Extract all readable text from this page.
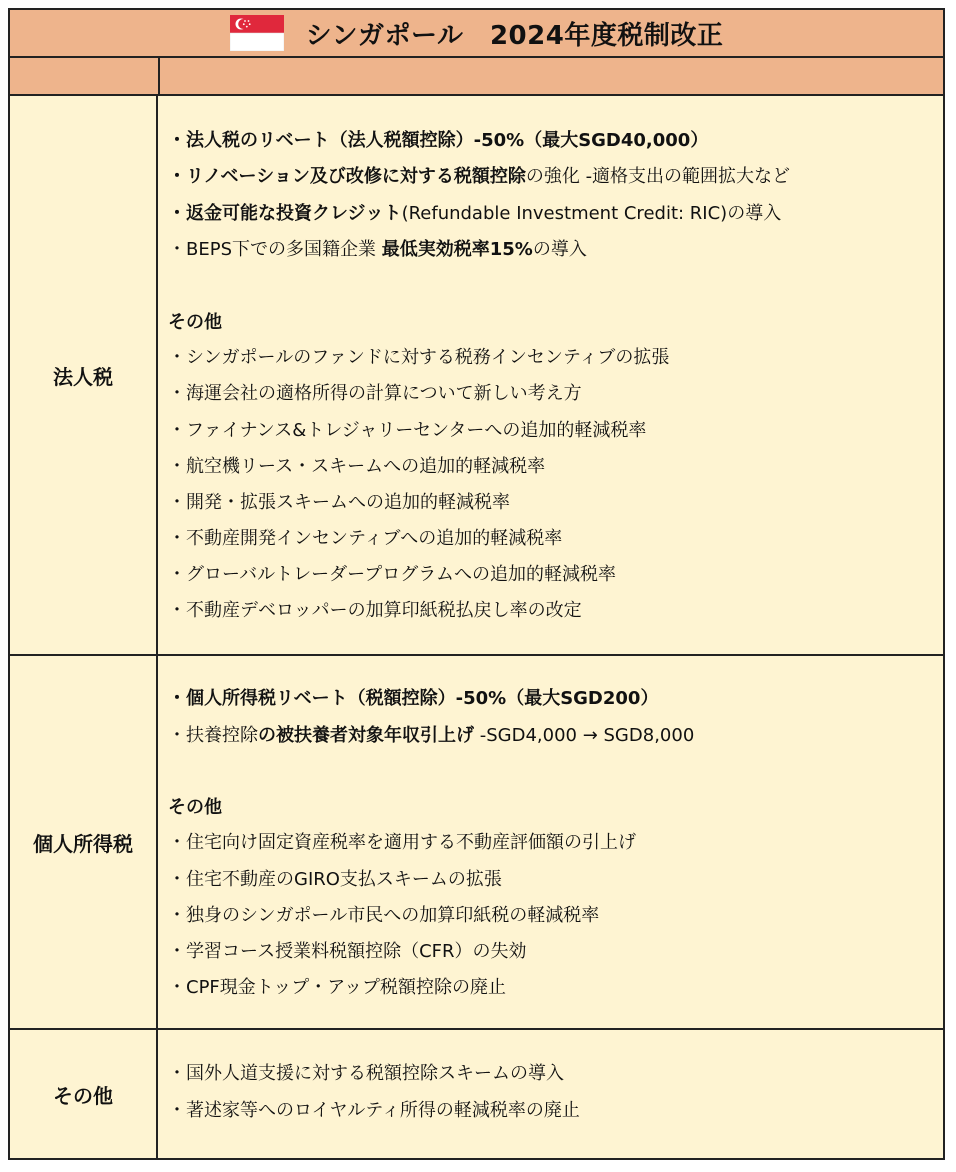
シンガポール　2024年度税制改正
法人税
・法人税のリベート（法人税額控除）-50%（最大SGD40,000）
・リノベーション及び改修に対する税額控除の強化 -適格支出の範囲拡大など
・返金可能な投資クレジット(Refundable Investment Credit: RIC)の導入
・BEPS下での多国籍企業 最低実効税率15%の導入
その他
・シンガポールのファンドに対する税務インセンティブの拡張
・海運会社の適格所得の計算について新しい考え方
・ファイナンス&トレジャリーセンターへの追加的軽減税率
・航空機リース・スキームへの追加的軽減税率
・開発・拡張スキームへの追加的軽減税率
・不動産開発インセンティブへの追加的軽減税率
・グローバルトレーダープログラムへの追加的軽減税率
・不動産デベロッパーの加算印紙税払戻し率の改定
個人所得税
・個人所得税リベート（税額控除）-50%（最大SGD200）
・扶養控除の被扶養者対象年収引上げ -SGD4,000 → SGD8,000
その他
・住宅向け固定資産税率を適用する不動産評価額の引上げ
・住宅不動産のGIRO支払スキームの拡張
・独身のシンガポール市民への加算印紙税の軽減税率
・学習コース授業料税額控除（CFR）の失効
・CPF現金トップ・アップ税額控除の廃止
その他
・国外人道支援に対する税額控除スキームの導入
・著述家等へのロイヤルティ所得の軽減税率の廃止
